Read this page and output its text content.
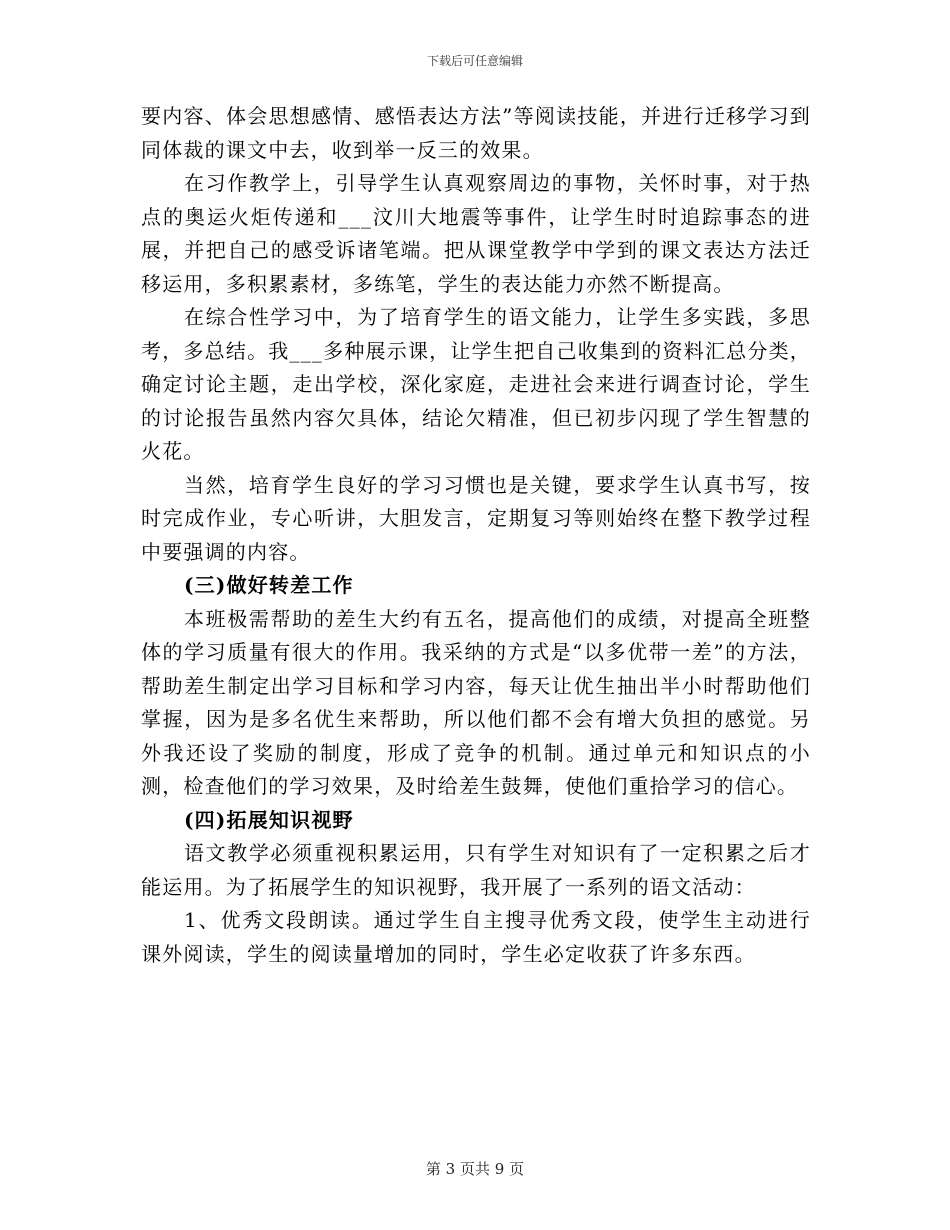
下载后可任意编辑

要内容、体会思想感情、感悟表达方法”等阅读技能，并进行迁移学习到同体裁的课文中去，收到举一反三的效果。

在习作教学上，引导学生认真观察周边的事物，关怀时事，对于热点的奥运火炬传递和___汶川大地震等事件，让学生时时追踪事态的进展，并把自己的感受诉诸笔端。把从课堂教学中学到的课文表达方法迁移运用，多积累素材，多练笔，学生的表达能力亦然不断提高。

在综合性学习中，为了培育学生的语文能力，让学生多实践，多思考，多总结。我___多种展示课，让学生把自己收集到的资料汇总分类，确定讨论主题，走出学校，深化家庭，走进社会来进行调查讨论，学生的讨论报告虽然内容欠具体，结论欠精准，但已初步闪现了学生智慧的火花。

当然，培育学生良好的学习习惯也是关键，要求学生认真书写，按时完成作业，专心听讲，大胆发言，定期复习等则始终在整下教学过程中要强调的内容。

(三)做好转差工作

本班极需帮助的差生大约有五名，提高他们的成绩，对提高全班整体的学习质量有很大的作用。我采纳的方式是“以多优带一差”的方法，帮助差生制定出学习目标和学习内容，每天让优生抽出半小时帮助他们掌握，因为是多名优生来帮助，所以他们都不会有增大负担的感觉。另外我还设了奖励的制度，形成了竞争的机制。通过单元和知识点的小测，检查他们的学习效果，及时给差生鼓舞，使他们重拾学习的信心。

(四)拓展知识视野

语文教学必须重视积累运用，只有学生对知识有了一定积累之后才能运用。为了拓展学生的知识视野，我开展了一系列的语文活动：

1、优秀文段朗读。通过学生自主搜寻优秀文段，使学生主动进行课外阅读，学生的阅读量增加的同时，学生必定收获了许多东西。

第 3 页共 9 页
